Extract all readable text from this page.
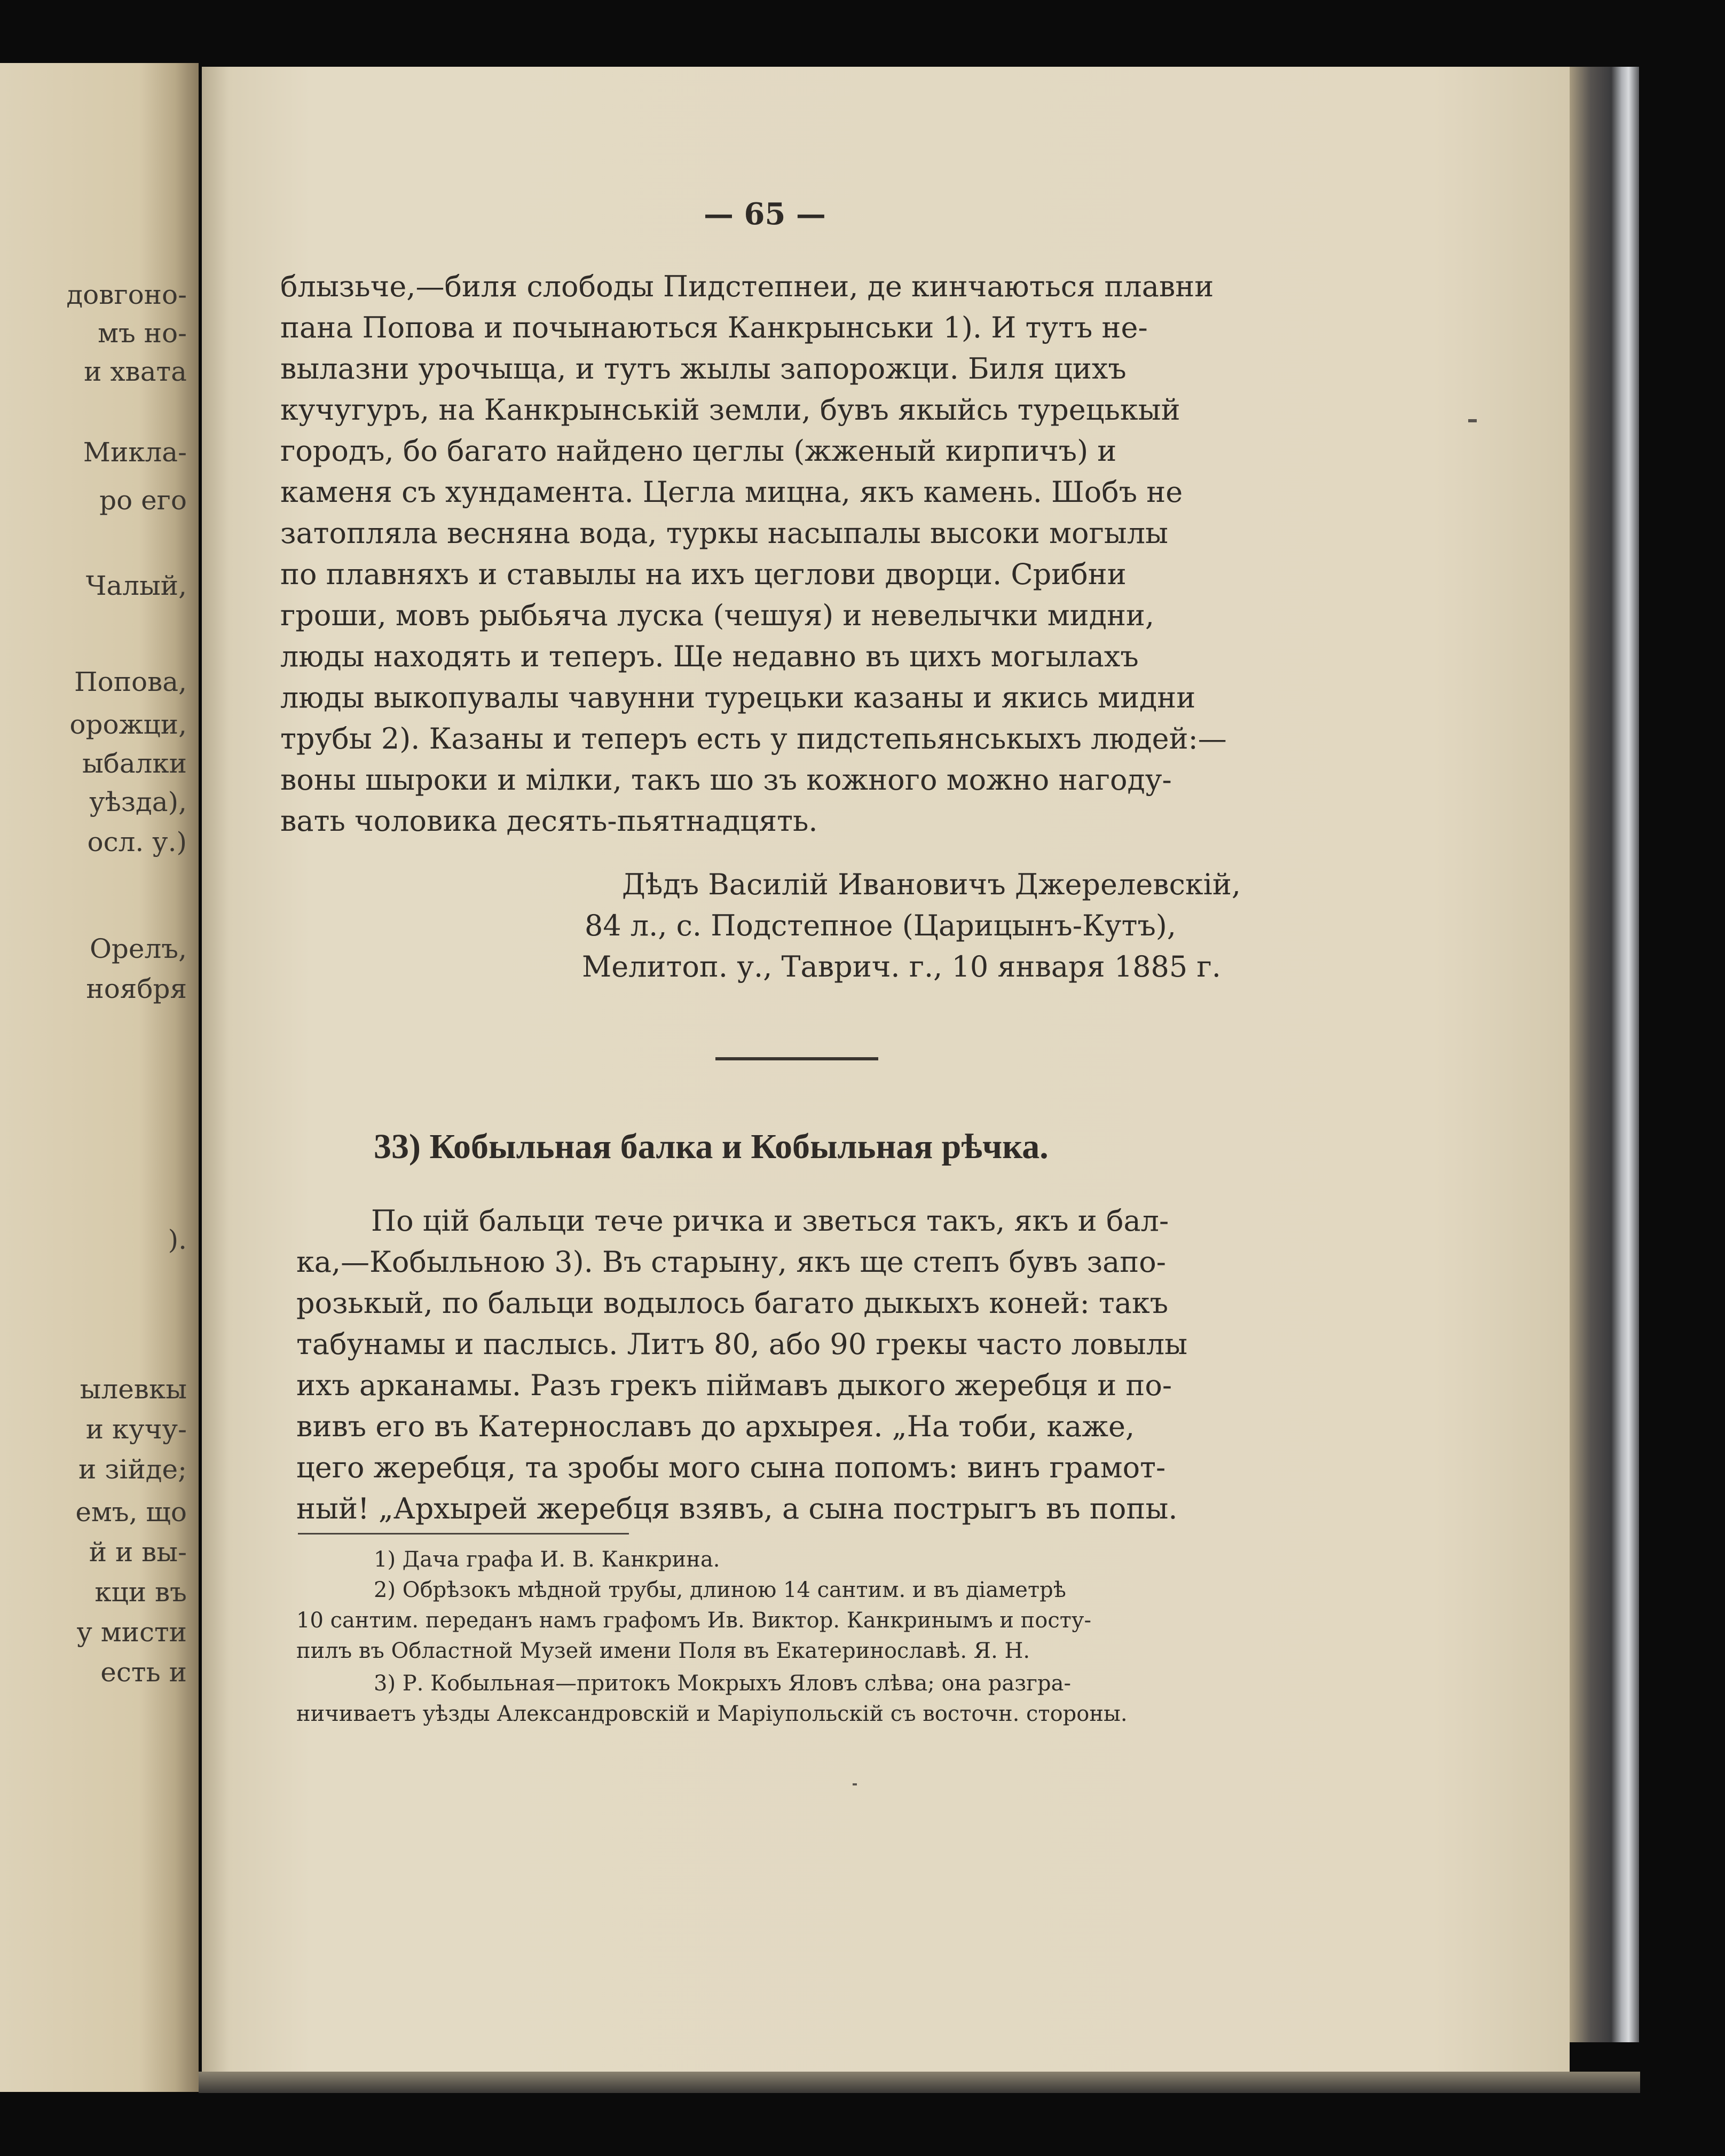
довгоно-
мъ но-
и хвата
Микла-
ро его
Чалый,
Попова,
орожци,
ыбалки
уѣзда),
осл. у.)
Орелъ,
ноября
).
ылевкы
и кучу-
и зійде;
емъ, що
й и вы-
кци въ
у мисти
есть и
— 65 —
блызьче,—биля слободы Пидстепнеи, де кинчаються плавни
пана Попова и почынаються Канкрынськи 1). И тутъ не-
вылазни урочыща, и тутъ жылы запорожци. Биля цихъ
кучугуръ, на Канкрынській земли, бувъ якыйсь турецькый
городъ, бо багато найдено цеглы (жженый кирпичъ) и
каменя съ хундамента. Цегла мицна, якъ камень. Шобъ не
затопляла весняна вода, туркы насыпалы высоки могылы
по плавняхъ и ставылы на ихъ цеглови дворци. Срибни
гроши, мовъ рыбьяча луска (чешуя) и невелычки мидни,
люды находять и теперъ. Ще недавно въ цихъ могылахъ
люды выкопувалы чавунни турецьки казаны и якись мидни
трубы 2). Казаны и теперъ есть у пидстепьянськыхъ людей:—
воны шыроки и мілки, такъ шо зъ кожного можно нагоду-
вать чоловика десять-пьятнадцять.
Дѣдъ Василій Ивановичъ Джерелевскій,
84 л., с. Подстепное (Царицынъ-Кутъ),
Мелитоп. у., Таврич. г., 10 января 1885 г.
33) Кобыльная балка и Кобыльная рѣчка.
По цій бальци тече ричка и зветься такъ, якъ и бал-
ка,—Кобыльною 3). Въ старыну, якъ ще степъ бувъ запо-
розькый, по бальци водылось багато дыкыхъ коней: такъ
табунамы и паслысь. Литъ 80, або 90 грекы часто ловылы
ихъ арканамы. Разъ грекъ піймавъ дыкого жеребця и по-
вивъ его въ Катернославъ до архырея. „На тоби, каже,
цего жеребця, та зробы мого сына попомъ: винъ грамот-
ный! „Архырей жеребця взявъ, а сына пострыгъ въ попы.
1) Дача графа И. В. Канкрина.
2) Обрѣзокъ мѣдной трубы, длиною 14 сантим. и въ діаметрѣ
10 сантим. переданъ намъ графомъ Ив. Виктор. Канкринымъ и посту-
пилъ въ Областной Музей имени Поля въ Екатеринославѣ. Я. Н.
3) Р. Кобыльная—притокъ Мокрыхъ Яловъ слѣва; она разгра-
ничиваетъ уѣзды Александровскій и Маріупольскій съ восточн. стороны.
